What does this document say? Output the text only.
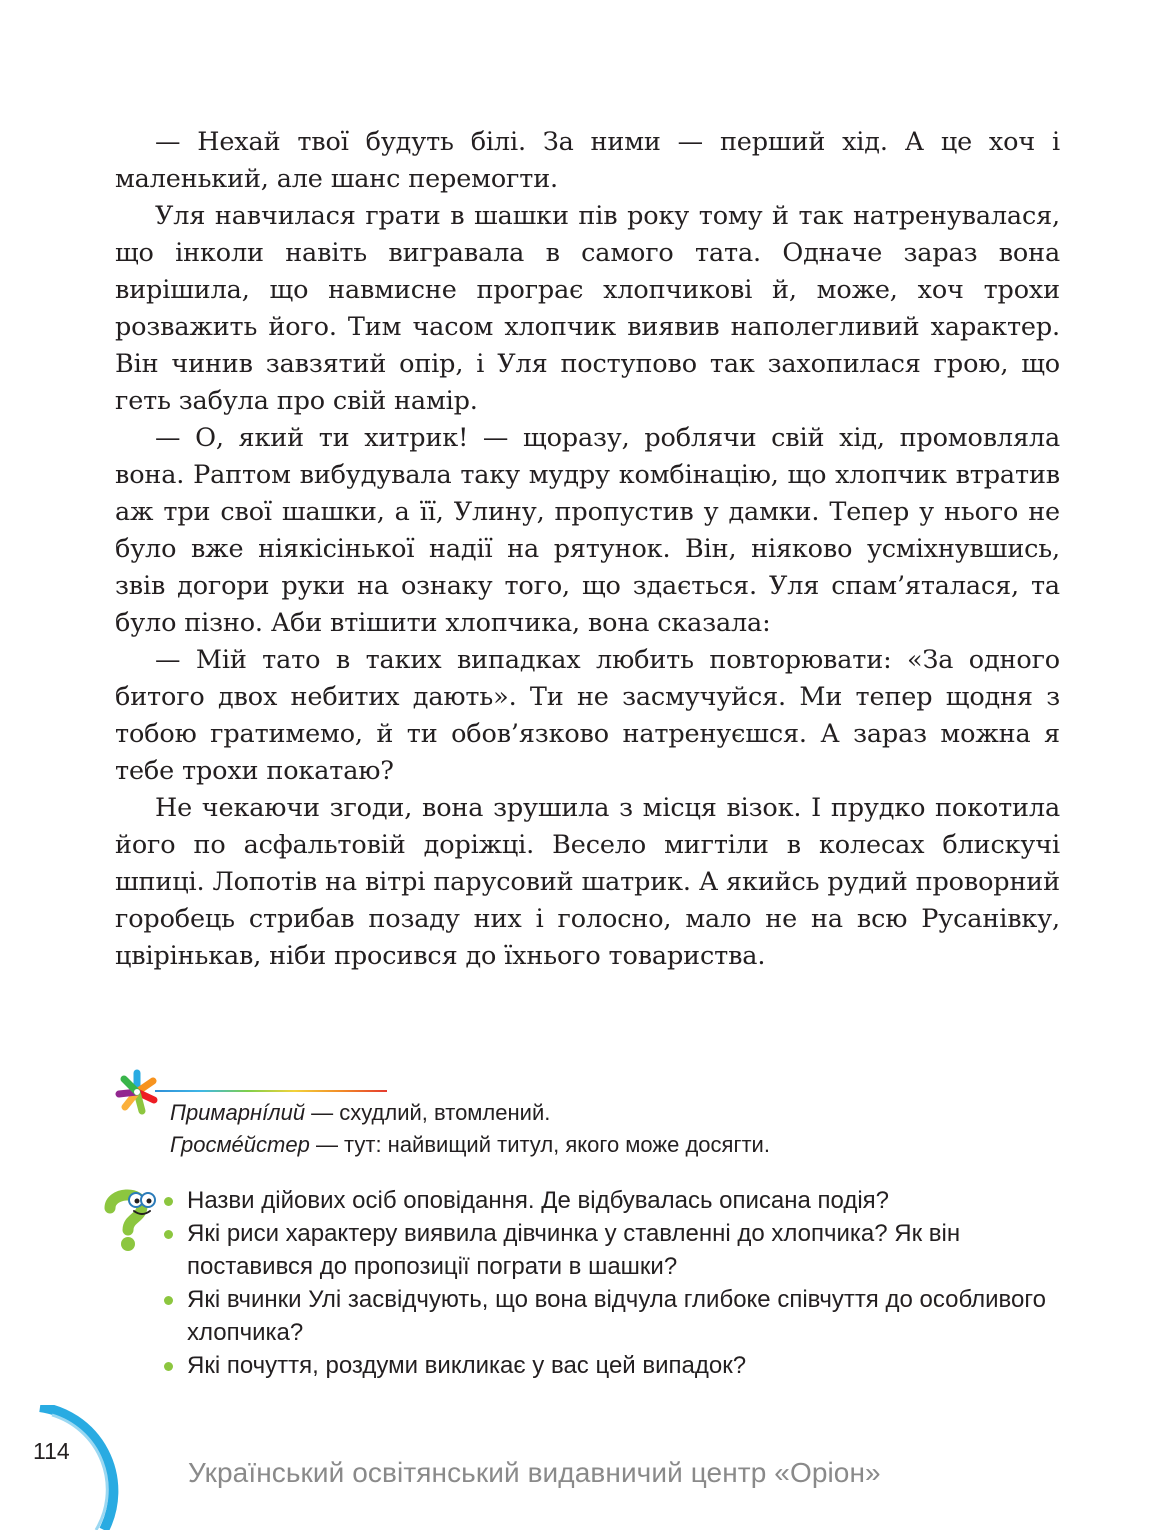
— Нехай твої будуть білі. За ними — перший хід. А це хоч і маленький, але шанс перемогти.

Уля навчилася грати в шашки пів року тому й так натренувалася, що інколи навіть вигравала в самого тата. Одначе зараз вона вирішила, що навмисне програє хлопчикові й, може, хоч трохи розважить його. Тим часом хлопчик виявив наполегливий характер. Він чинив завзятий опір, і Уля поступово так захопилася грою, що геть забула про свій намір.

— О, який ти хитрик! — щоразу, роблячи свій хід, промовляла вона. Раптом вибудувала таку мудру комбінацію, що хлопчик втратив аж три свої шашки, а її, Улину, пропустив у дамки. Тепер у нього не було вже ніякісінької надії на рятунок. Він, ніяково усміхнувшись, звів догори руки на ознаку того, що здається. Уля спам’яталася, та було пізно. Аби втішити хлопчика, вона сказала:

— Мій тато в таких випадках любить повторювати: «За одного битого двох небитих дають». Ти не засмучуйся. Ми тепер щодня з тобою гратимемо, й ти обов’язково натренуєшся. А зараз можна я тебе трохи покатаю?

Не чекаючи згоди, вона зрушила з місця візок. І прудко покотила його по асфальтовій доріжці. Весело мигтіли в колесах блискучі шпиці. Лопотів на вітрі парусовий шатрик. А якийсь рудий проворний горобець стрибав позаду них і голосно, мало не на всю Русанівку, цвірінькав, ніби просився до їхнього товариства.

Примарнíлий — схудлий, втомлений.
Гросмéйстер — тут: найвищий титул, якого може досягти.
Назви дійових осіб оповідання. Де відбувалась описана подія?
Які риси характеру виявила дівчинка у ставленні до хлопчика? Як він поставився до пропозиції пограти в шашки?
Які вчинки Улі засвідчують, що вона відчула глибоке співчуття до особливого хлопчика?
Які почуття, роздуми викликає у вас цей випадок?
114
Український освітянський видавничий центр «Оріон»
